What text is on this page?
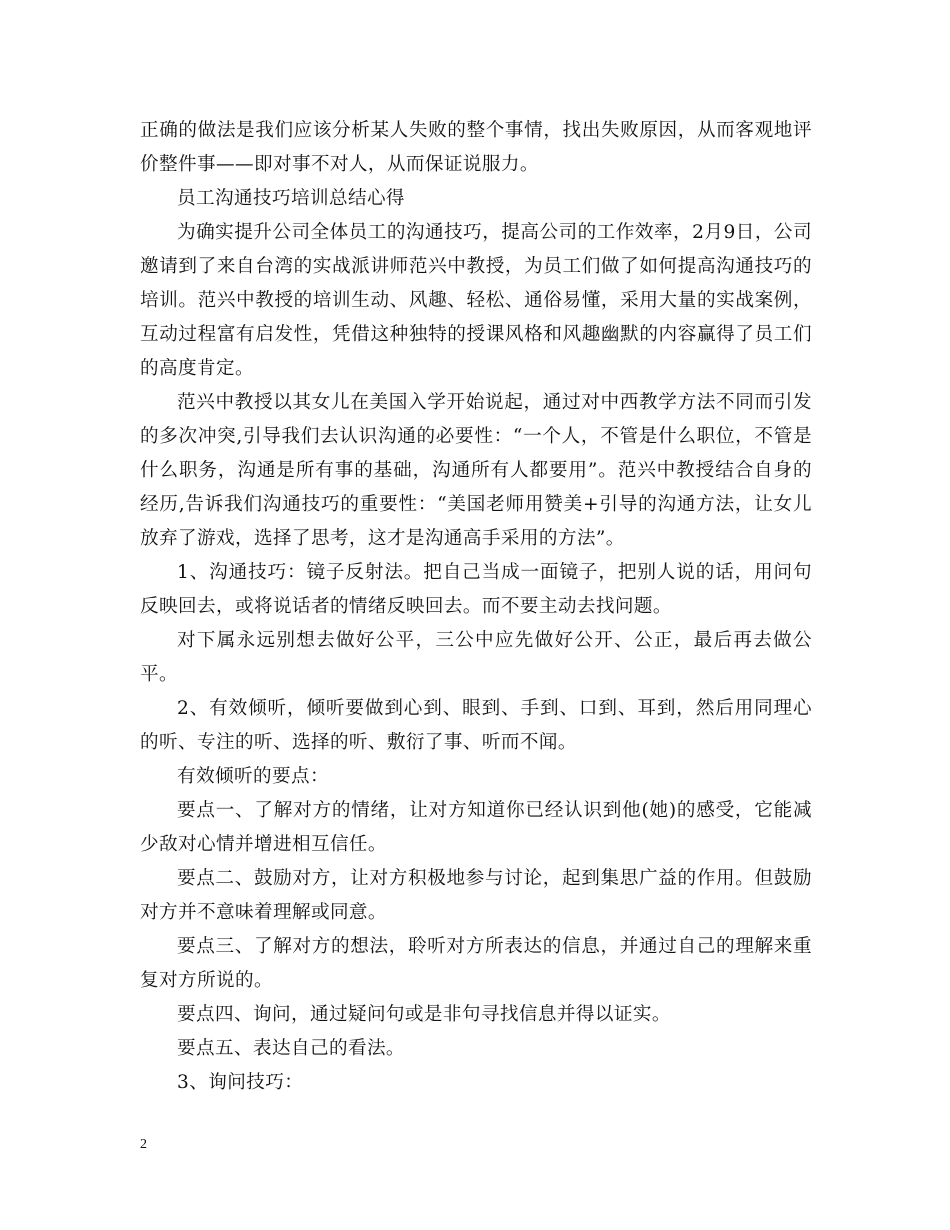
正确的做法是我们应该分析某人失败的整个事情，找出失败原因，从而客观地评价整件事——即对事不对人，从而保证说服力。

员工沟通技巧培训总结心得

为确实提升公司全体员工的沟通技巧，提高公司的工作效率，2月9日，公司邀请到了来自台湾的实战派讲师范兴中教授，为员工们做了如何提高沟通技巧的培训。范兴中教授的培训生动、风趣、轻松、通俗易懂，采用大量的实战案例，互动过程富有启发性，凭借这种独特的授课风格和风趣幽默的内容赢得了员工们的高度肯定。

范兴中教授以其女儿在美国入学开始说起，通过对中西教学方法不同而引发的多次冲突,引导我们去认识沟通的必要性：“一个人，不管是什么职位，不管是什么职务，沟通是所有事的基础，沟通所有人都要用”。范兴中教授结合自身的经历,告诉我们沟通技巧的重要性：“美国老师用赞美+引导的沟通方法，让女儿放弃了游戏，选择了思考，这才是沟通高手采用的方法”。

1、沟通技巧：镜子反射法。把自己当成一面镜子，把别人说的话，用问句反映回去，或将说话者的情绪反映回去。而不要主动去找问题。

对下属永远别想去做好公平，三公中应先做好公开、公正，最后再去做公平。

2、有效倾听，倾听要做到心到、眼到、手到、口到、耳到，然后用同理心的听、专注的听、选择的听、敷衍了事、听而不闻。

有效倾听的要点：

要点一、了解对方的情绪，让对方知道你已经认识到他(她)的感受，它能减少敌对心情并增进相互信任。

要点二、鼓励对方，让对方积极地参与讨论，起到集思广益的作用。但鼓励对方并不意味着理解或同意。

要点三、了解对方的想法，聆听对方所表达的信息，并通过自己的理解来重复对方所说的。

要点四、询问，通过疑问句或是非句寻找信息并得以证实。

要点五、表达自己的看法。

3、询问技巧：

2
